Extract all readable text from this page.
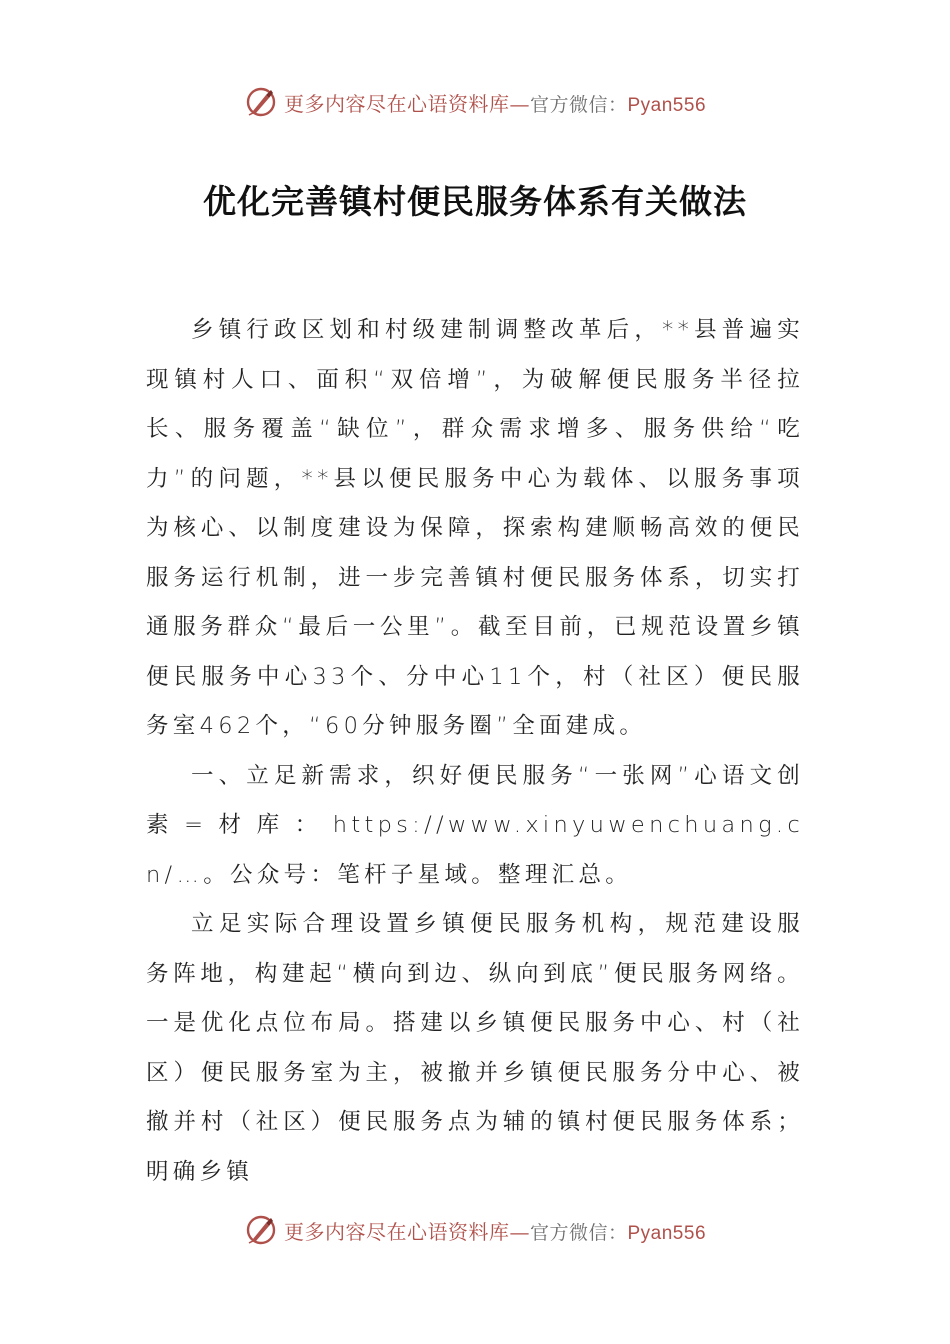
更多内容尽在心语资料库—官方微信：Pyan556
优化完善镇村便民服务体系有关做法

乡镇行政区划和村级建制调整改革后，**县普遍实现镇村人口、面积“双倍增”，为破解便民服务半径拉长、服务覆盖“缺位”，群众需求增多、服务供给“吃力”的问题，**县以便民服务中心为载体、以服务事项为核心、以制度建设为保障，探索构建顺畅高效的便民服务运行机制，进一步完善镇村便民服务体系，切实打通服务群众“最后一公里”。截至目前，已规范设置乡镇便民服务中心33个、分中心11个，村（社区）便民服务室462个，“60分钟服务圈”全面建成。

一、立足新需求，织好便民服务“一张网”心语文创素=材库：https://www.xinyuwenchuang.cn/…。公众号：笔杆子星域。整理汇总。

立足实际合理设置乡镇便民服务机构，规范建设服务阵地，构建起“横向到边、纵向到底”便民服务网络。一是优化点位布局。搭建以乡镇便民服务中心、村（社区）便民服务室为主，被撤并乡镇便民服务分中心、被撤并村（社区）便民服务点为辅的镇村便民服务体系；明确乡镇

更多内容尽在心语资料库—官方微信：Pyan556
